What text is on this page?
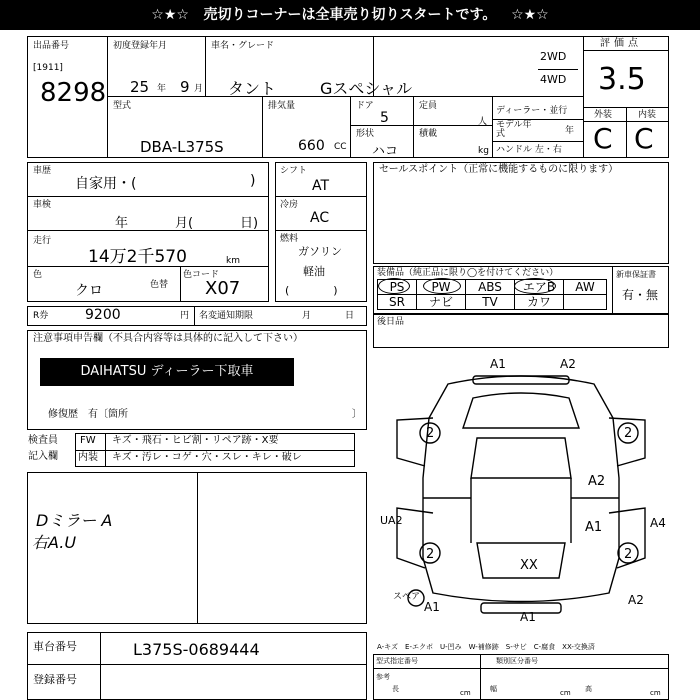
☆★☆ 売切りコーナーは全車売り切りスタートです。 ☆★☆
出品番号
[1911]
8298
初度登録年月
25 年 9 月
車名・グレード
タント	Gスペシャル
2WD
4WD
評価点
3.5
外装	内装
C C
型式
DBA-L375S
排気量
660 CC
ドア
5
形状
ハコ
定員
人
積載
kg
ディーラー・並行
モデル年式	年
ハンドル 左・右
車歴
自家用・(	)
車検
年	月(	日)
走行
14万2千570	km
色
クロ	色替
色コード
X07
シフト
AT
冷房
AC
燃料
ガソリン
軽油
(　　　　)
セールスポイント（正常に機能するものに限ります）
装備品（純正品に限り◯を付けてください）
PS	PW	ABS	エアB	AW
SR	ナビ	TV	カワ	
新車保証書
有・無
R券	9200	円 名変通知期限	月	日
後日品
注意事項申告欄（不具合内容等は具体的に記入して下さい）
DAIHATSU ディーラー下取車
修復歴　有〔箇所	〕
検査員
記入欄
FW キズ・飛石・ヒビ割・リペア跡・X要
内装 キズ・汚レ・コゲ・穴・スレ・キレ・破レ
Dミラー A
右A.U
車台番号	L375S-0689444
登録番号
A1	A2
2	2
A2
UA2	A1	A4
2	2
XX
スペア
A1
A1
A2
A-キズ　E-エクボ　U-凹み　W-補修跡　S-サビ　C-腐食　XX-交換済
型式指定番号	類別区分番号
参考
長	幅	高
cm	cm	cm
